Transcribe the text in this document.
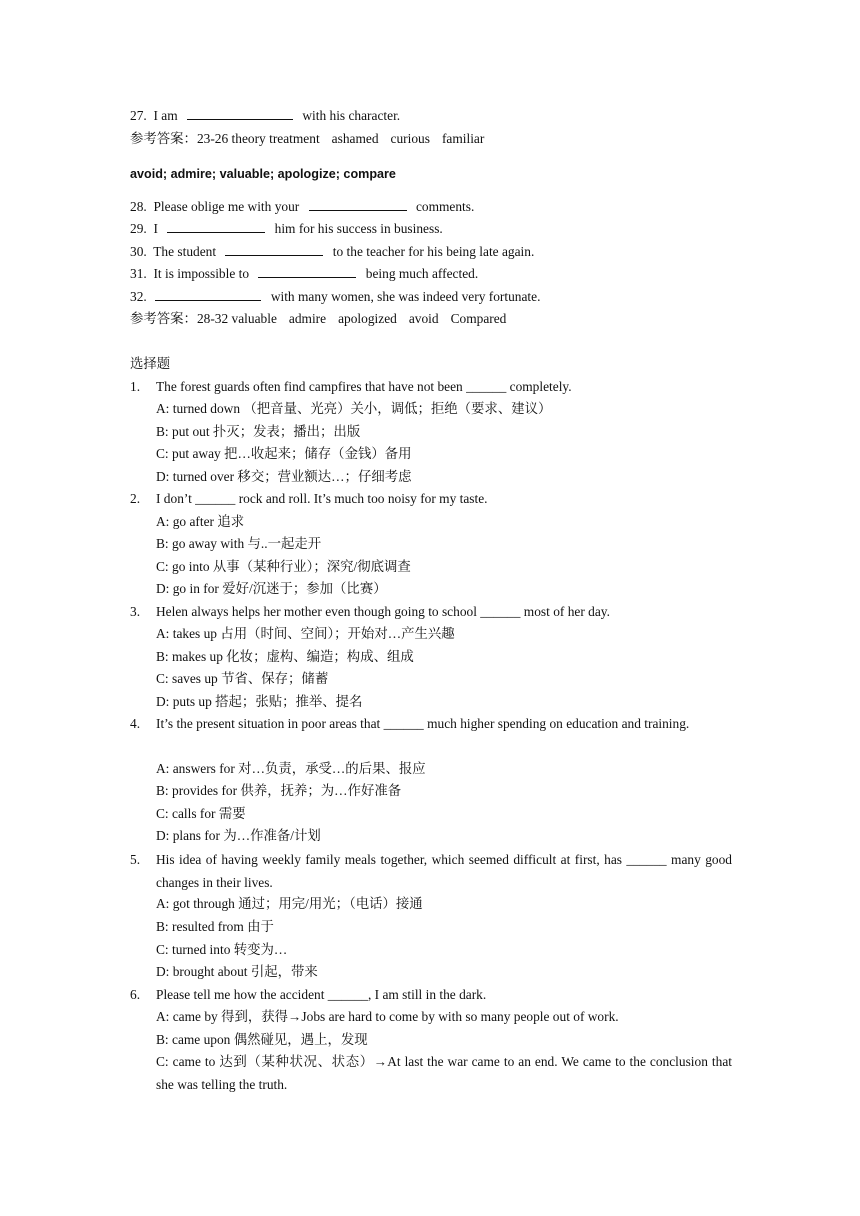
27. I am	with his character.
参考答案：23-26 theory treatment ashamed curious familiar
avoid; admire; valuable; apologize; compare
28. Please oblige me with your	comments.
29. I	him for his success in business.
30. The student	to the teacher for his being late again.
31. It is impossible to	being much affected.
32.	with many women, she was indeed very fortunate.
参考答案：28-32 valuable admire apologized avoid Compared
选择题
1. The forest guards often find campfires that have not been ______ completely.
A: turned down （把音量、光亮）关小，调低；拒绝（要求、建议）
B: put out 扑灭；发表；播出；出版
C: put away 把…收起来；储存（金钱）备用
D: turned over 移交；营业额达…；仔细考虑
2. I don’t ______ rock and roll. It’s much too noisy for my taste.
A: go after 追求
B: go away with 与..一起走开
C: go into 从事（某种行业）；深究/彻底调查
D: go in for 爱好/沉迷于；参加（比赛）
3. Helen always helps her mother even though going to school ______ most of her day.
A: takes up 占用（时间、空间）；开始对…产生兴趣
B: makes up 化妆；虚构、编造；构成、组成
C: saves up 节省、保存；储蓄
D: puts up 搭起；张贴；推举、提名
4. It’s the present situation in poor areas that ______ much higher spending on education and training.
A: answers for 对…负责，承受…的后果、报应
B: provides for 供养，抚养；为…作好准备
C: calls for 需要
D: plans for 为…作准备/计划
5. His idea of having weekly family meals together, which seemed difficult at first, has ______ many good changes in their lives.
A: got through 通过；用完/用光；（电话）接通
B: resulted from 由于
C: turned into 转变为…
D: brought about 引起，带来
6. Please tell me how the accident ______, I am still in the dark.
A: came by 得到，获得→Jobs are hard to come by with so many people out of work.
B: came upon 偶然碰见，遇上，发现
C: came to 达到（某种状况、状态）→At last the war came to an end. We came to the conclusion that she was telling the truth.
